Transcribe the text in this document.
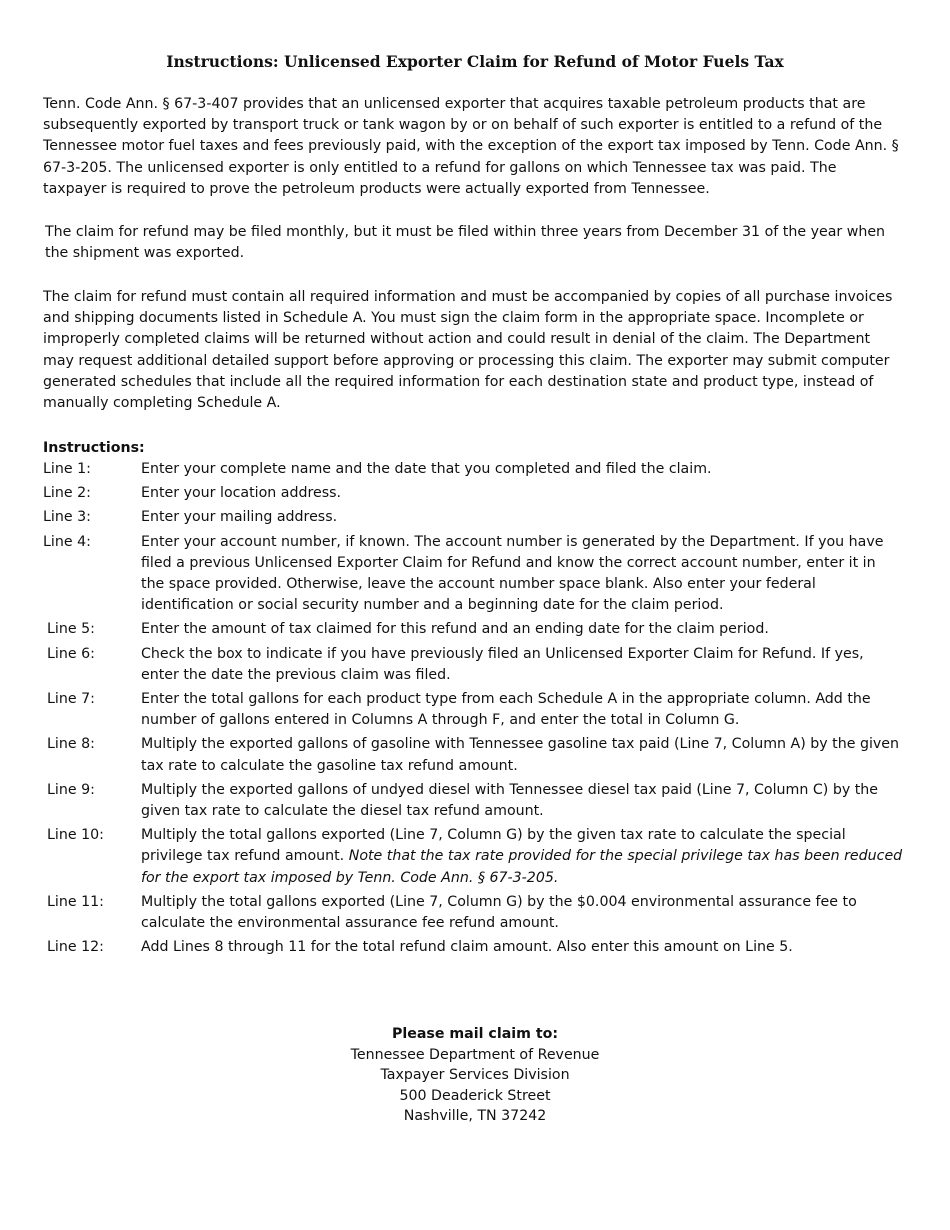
Instructions: Unlicensed Exporter Claim for Refund of Motor Fuels Tax

Tenn. Code Ann. § 67-3-407 provides that an unlicensed exporter that acquires taxable petroleum products that are subsequently exported by transport truck or tank wagon by or on behalf of such exporter is entitled to a refund of the Tennessee motor fuel taxes and fees previously paid, with the exception of the export tax imposed by Tenn. Code Ann. § 67-3-205. The unlicensed exporter is only entitled to a refund for gallons on which Tennessee tax was paid. The taxpayer is required to prove the petroleum products were actually exported from Tennessee.

The claim for refund may be filed monthly, but it must be filed within three years from December 31 of the year when the shipment was exported.

The claim for refund must contain all required information and must be accompanied by copies of all purchase invoices and shipping documents listed in Schedule A. You must sign the claim form in the appropriate space. Incomplete or improperly completed claims will be returned without action and could result in denial of the claim. The Department may request additional detailed support before approving or processing this claim. The exporter may submit computer generated schedules that include all the required information for each destination state and product type, instead of manually completing Schedule A.

Instructions:
Line 1:	Enter your complete name and the date that you completed and filed the claim.
Line 2:	Enter your location address.
Line 3:	Enter your mailing address.
Line 4:	Enter your account number, if known. The account number is generated by the Department. If you have filed a previous Unlicensed Exporter Claim for Refund and know the correct account number, enter it in the space provided. Otherwise, leave the account number space blank. Also enter your federal identification or social security number and a beginning date for the claim period.
Line 5:	Enter the amount of tax claimed for this refund and an ending date for the claim period.
Line 6:	Check the box to indicate if you have previously filed an Unlicensed Exporter Claim for Refund. If yes, enter the date the previous claim was filed.
Line 7:	Enter the total gallons for each product type from each Schedule A in the appropriate column. Add the number of gallons entered in Columns A through F, and enter the total in Column G.
Line 8:	Multiply the exported gallons of gasoline with Tennessee gasoline tax paid (Line 7, Column A) by the given tax rate to calculate the gasoline tax refund amount.
Line 9:	Multiply the exported gallons of undyed diesel with Tennessee diesel tax paid (Line 7, Column C) by the given tax rate to calculate the diesel tax refund amount.
Line 10:	Multiply the total gallons exported (Line 7, Column G) by the given tax rate to calculate the special privilege tax refund amount. Note that the tax rate provided for the special privilege tax has been reduced for the export tax imposed by Tenn. Code Ann. § 67-3-205.
Line 11:	Multiply the total gallons exported (Line 7, Column G) by the $0.004 environmental assurance fee to calculate the environmental assurance fee refund amount.
Line 12:	Add Lines 8 through 11 for the total refund claim amount. Also enter this amount on Line 5.
Please mail claim to:
Tennessee Department of Revenue
Taxpayer Services Division
500 Deaderick Street
Nashville, TN 37242
